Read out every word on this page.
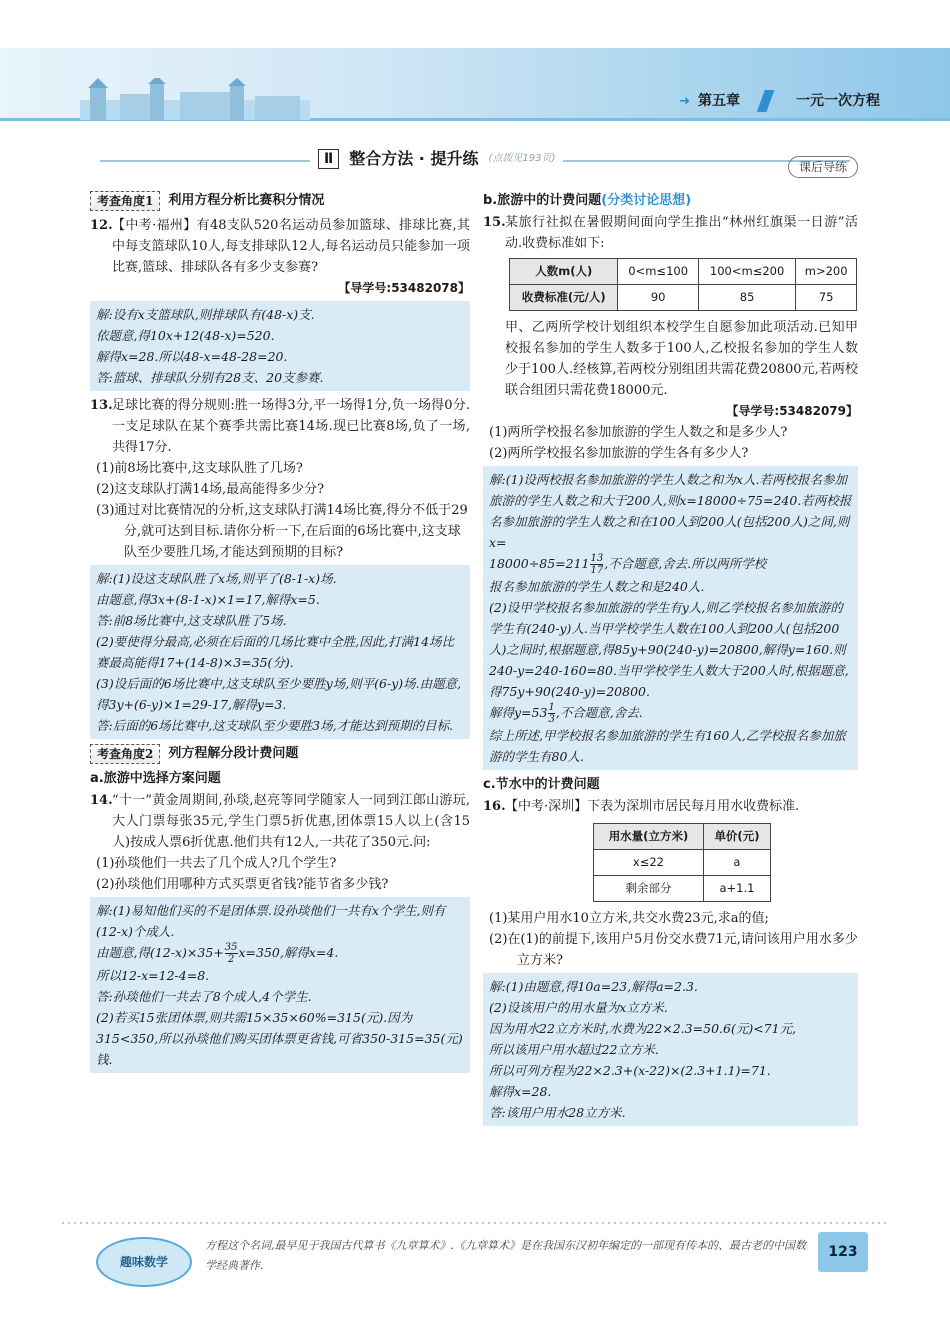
➜ 第五章	一元一次方程
Ⅱ	整合方法 · 提升练 (点拨见193页)
课后导练
考查角度1	利用方程分析比赛积分情况
12. 【中考·福州】有48支队520名运动员参加篮球、排球比赛,其中每支篮球队10人,每支排球队12人,每名运动员只能参加一项比赛,篮球、排球队各有多少支参赛?
【导学号:53482078】
解:设有x支篮球队,则排球队有(48-x)支.
依题意,得10x+12(48-x)=520.
解得x=28.所以48-x=48-28=20.
答:篮球、排球队分别有28支、20支参赛.
13. 足球比赛的得分规则:胜一场得3分,平一场得1分,负一场得0分.一支足球队在某个赛季共需比赛14场.现已比赛8场,负了一场,共得17分.
(1)前8场比赛中,这支球队胜了几场?
(2)这支球队打满14场,最高能得多少分?
(3)通过对比赛情况的分析,这支球队打满14场比赛,得分不低于29分,就可达到目标.请你分析一下,在后面的6场比赛中,这支球队至少要胜几场,才能达到预期的目标?
解:(1)设这支球队胜了x场,则平了(8-1-x)场.
由题意,得3x+(8-1-x)×1=17,解得x=5.
答:前8场比赛中,这支球队胜了5场.
(2)要使得分最高,必须在后面的几场比赛中全胜,因此,打满14场比赛最高能得17+(14-8)×3=35(分).
(3)设后面的6场比赛中,这支球队至少要胜y场,则平(6-y)场.由题意,得3y+(6-y)×1=29-17,解得y=3.
答:后面的6场比赛中,这支球队至少要胜3场,才能达到预期的目标.
考查角度2	列方程解分段计费问题
a.旅游中选择方案问题
14. “十一”黄金周期间,孙琰,赵亮等同学随家人一同到江郎山游玩,大人门票每张35元,学生门票5折优惠,团体票15人以上(含15人)按成人票6折优惠.他们共有12人,一共花了350元.问:
(1)孙琰他们一共去了几个成人?几个学生?
(2)孙琰他们用哪种方式买票更省钱?能节省多少钱?
解:(1)易知他们买的不是团体票.设孙琰他们一共有x个学生,则有(12-x)个成人.
由题意,得$(12-x)\times 35+ \frac{35}{2} x=350$,解得x=4.
所以12-x=12-4=8.
答:孙琰他们一共去了8个成人,4个学生.
(2)若买15张团体票,则共需15×35×60%=315(元).因为315<350,所以孙琰他们购买团体票更省钱,可省350-315=35(元)钱.
b.旅游中的计费问题(分类讨论思想)
15. 某旅行社拟在暑假期间面向学生推出“林州红旗渠一日游”活动.收费标准如下:
人数m(人)	0<m≤100	100<m≤200	m>200
收费标准(元/人)	90	85	75
甲、乙两所学校计划组织本校学生自愿参加此项活动.已知甲校报名参加的学生人数多于100人,乙校报名参加的学生人数少于100人.经核算,若两校分别组团共需花费20800元,若两校联合组团只需花费18000元.
【导学号:53482079】
(1)两所学校报名参加旅游的学生人数之和是多少人?
(2)两所学校报名参加旅游的学生各有多少人?
解:(1)设两校报名参加旅游的学生人数之和为x人.若两校报名参加旅游的学生人数之和大于200人,则x=18000÷75=240.若两校报名参加旅游的学生人数之和在100人到200人(包括200人)之间,则x=
$18000\div 85=211 \frac{13}{17}$ ,不合题意,舍去.所以两所学校
报名参加旅游的学生人数之和是240人.
(2)设甲学校报名参加旅游的学生有y人,则乙学校报名参加旅游的学生有(240-y)人.当甲学校学生人数在100人到200人(包括200人)之间时,根据题意,得85y+90(240-y)=20800,解得y=160.则240-y=240-160=80.当甲学校学生人数大于200人时,根据题意,得75y+90(240-y)=20800.
解得$y=53 \frac{1}{3}$ ,不合题意,舍去.
综上所述,甲学校报名参加旅游的学生有160人,乙学校报名参加旅游的学生有80人.
c.节水中的计费问题
16. 【中考·深圳】下表为深圳市居民每月用水收费标准.
用水量(立方米)	单价(元)
x≤22	a
剩余部分	a+1.1
(1)某用户用水10立方米,共交水费23元,求a的值;
(2)在(1)的前提下,该用户5月份交水费71元,请问该用户用水多少立方米?
解:(1)由题意,得10a=23,解得a=2.3.
(2)设该用户的用水量为x立方米.
因为用水22立方米时,水费为22×2.3=50.6(元)<71元,
所以该用户用水超过22立方米.
所以可列方程为22×2.3+(x-22)×(2.3+1.1)=71.
解得x=28.
答:该用户用水28立方米.
趣味数学
方程这个名词,最早见于我国古代算书《九章算术》.《九章算术》是在我国东汉初年编定的一部现有传本的、最古老的中国数学经典著作.
123
